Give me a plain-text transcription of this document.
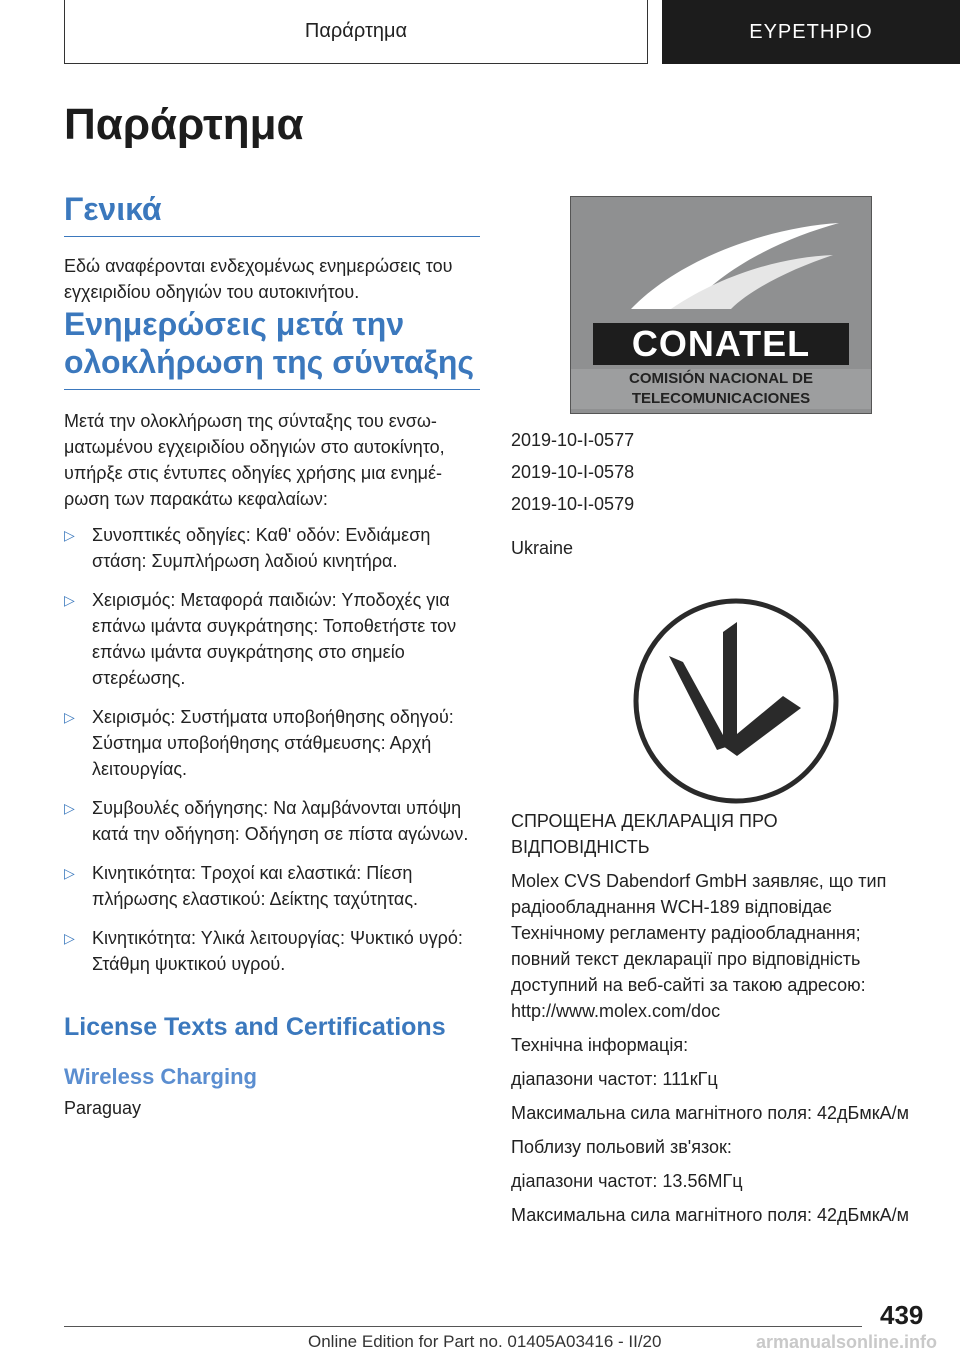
Παράρτημα	ΕΥΡΕΤΗΡΙΟ
Παράρτημα
Γενικά

Εδώ αναφέρονται ενδεχομένως ενημερώσεις του εγχειριδίου οδηγιών του αυτοκινήτου.

Ενημερώσεις μετά την ολοκλήρωση της σύνταξης

Μετά την ολοκλήρωση της σύνταξης του ενσωματωμένου εγχειριδίου οδηγιών στο αυτοκίνητο, υπήρξε στις έντυπες οδηγίες χρήσης μια ενημέρωση των παρακάτω κεφαλαίων:

▷ Συνοπτικές οδηγίες: Καθ' οδόν: Ενδιάμεση στάση: Συμπλήρωση λαδιού κινητήρα.
▷ Χειρισμός: Μεταφορά παιδιών: Υποδοχές για επάνω ιμάντα συγκράτησης: Τοποθετήστε τον επάνω ιμάντα συγκράτησης στο σημείο στερέωσης.
▷ Χειρισμός: Συστήματα υποβοήθησης οδηγού: Σύστημα υποβοήθησης στάθμευσης: Αρχή λειτουργίας.
▷ Συμβουλές οδήγησης: Να λαμβάνονται υπόψη κατά την οδήγηση: Οδήγηση σε πίστα αγώνων.
▷ Κινητικότητα: Τροχοί και ελαστικά: Πίεση πλήρωσης ελαστικού: Δείκτης ταχύτητας.
▷ Κινητικότητα: Υλικά λειτουργίας: Ψυκτικό υγρό: Στάθμη ψυκτικού υγρού.
License Texts and Certifications
Wireless Charging

Paraguay

CONATEL
COMISIÓN NACIONAL DE
TELECOMUNICACIONES
2019-10-I-0577
2019-10-I-0578
2019-10-I-0579
Ukraine

СПРОЩЕНА ДЕКЛАРАЦІЯ ПРО ВІДПОВІДНІСТЬ

Molex CVS Dabendorf GmbH заявляє, що тип радіообладнання WCH-189 відповідає Технічному регламенту радіообладнання; повний текст декларації про відповідність доступний на веб-сайті за такою адресою: http://www.molex.com/doc

Технічна інформація:

діапазони частот: 111кГц

Максимальна сила магнітного поля: 42дБмкА/м

Поблизу польовий зв'язок:

діапазони частот: 13.56МГц

Максимальна сила магнітного поля: 42дБмкА/м

439
Online Edition for Part no. 01405A03416 - II/20	armanualsonline.info
